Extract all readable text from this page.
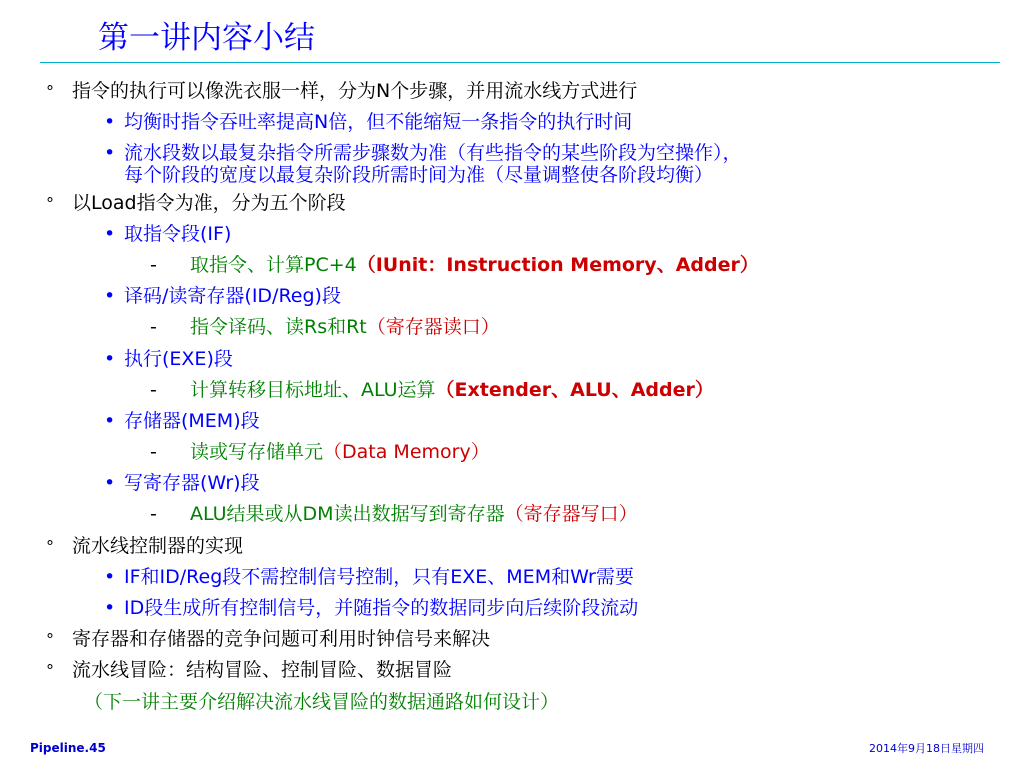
第一讲内容小结
° 指令的执行可以像洗衣服一样，分为N个步骤，并用流水线方式进行
• 均衡时指令吞吐率提高N倍，但不能缩短一条指令的执行时间
• 流水段数以最复杂指令所需步骤数为准（有些指令的某些阶段为空操作），
每个阶段的宽度以最复杂阶段所需时间为准（尽量调整使各阶段均衡）
° 以Load指令为准，分为五个阶段
• 取指令段(IF)
- 取指令、计算PC+4（IUnit：Instruction Memory、Adder）
• 译码/读寄存器(ID/Reg)段
- 指令译码、读Rs和Rt（寄存器读口）
• 执行(EXE)段
- 计算转移目标地址、ALU运算（Extender、ALU、Adder）
• 存储器(MEM)段
- 读或写存储单元（Data Memory）
• 写寄存器(Wr)段
- ALU结果或从DM读出数据写到寄存器（寄存器写口）
° 流水线控制器的实现
• IF和ID/Reg段不需控制信号控制，只有EXE、MEM和Wr需要
• ID段生成所有控制信号，并随指令的数据同步向后续阶段流动
° 寄存器和存储器的竞争问题可利用时钟信号来解决
° 流水线冒险：结构冒险、控制冒险、数据冒险
（下一讲主要介绍解决流水线冒险的数据通路如何设计）
Pipeline.45	2014年9月18日星期四
